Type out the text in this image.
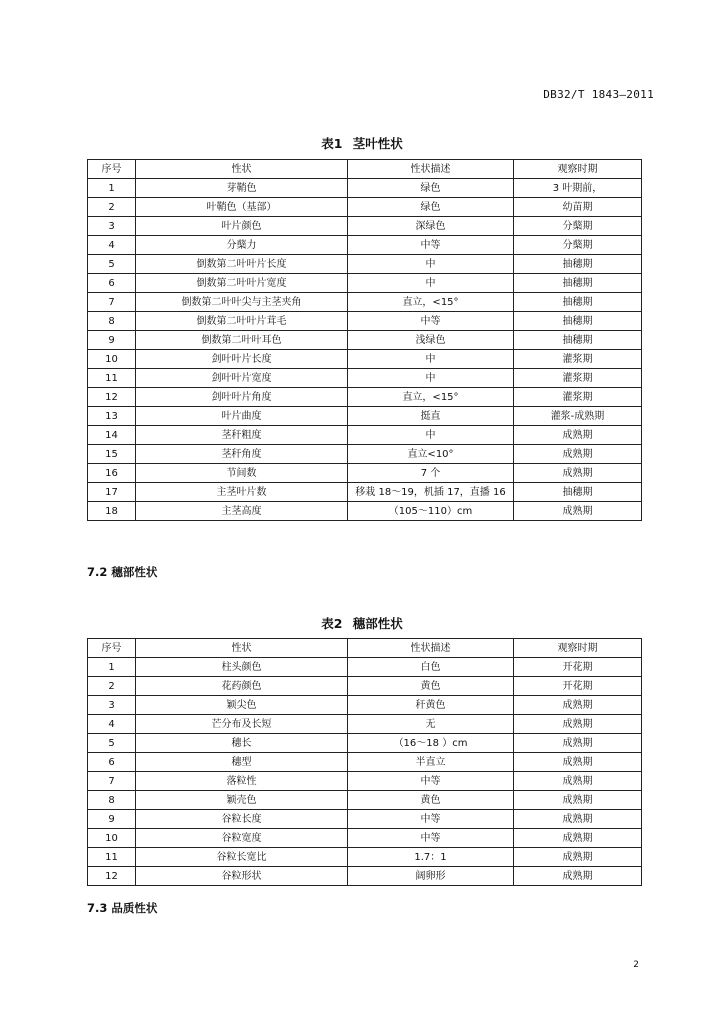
DB32/T 1843—2011
表1 茎叶性状
序号	性状	性状描述	观察时期
1	芽鞘色	绿色	3 叶期前，
2	叶鞘色（基部）	绿色	幼苗期
3	叶片颜色	深绿色	分蘖期
4	分蘖力	中等	分蘖期
5	倒数第二叶叶片长度	中	抽穗期
6	倒数第二叶叶片宽度	中	抽穗期
7	倒数第二叶叶尖与主茎夹角	直立，<15°	抽穗期
8	倒数第二叶叶片茸毛	中等	抽穗期
9	倒数第二叶叶耳色	浅绿色	抽穗期
10	剑叶叶片长度	中	灌浆期
11	剑叶叶片宽度	中	灌浆期
12	剑叶叶片角度	直立，<15°	灌浆期
13	叶片曲度	挺直	灌浆-成熟期
14	茎秆粗度	中	成熟期
15	茎秆角度	直立<10°	成熟期
16	节间数	7 个	成熟期
17	主茎叶片数	移栽 18～19，机插 17，直播 16	抽穗期
18	主茎高度	（105～110）cm	成熟期
7.2 穗部性状
表2 穗部性状
序号	性状	性状描述	观察时期
1	柱头颜色	白色	开花期
2	花药颜色	黄色	开花期
3	颖尖色	秆黄色	成熟期
4	芒分布及长短	无	成熟期
5	穗长	（16～18 ）cm	成熟期
6	穗型	半直立	成熟期
7	落粒性	中等	成熟期
8	颖壳色	黄色	成熟期
9	谷粒长度	中等	成熟期
10	谷粒宽度	中等	成熟期
11	谷粒长宽比	1.7：1	成熟期
12	谷粒形状	阔卵形	成熟期
7.3 品质性状
2
